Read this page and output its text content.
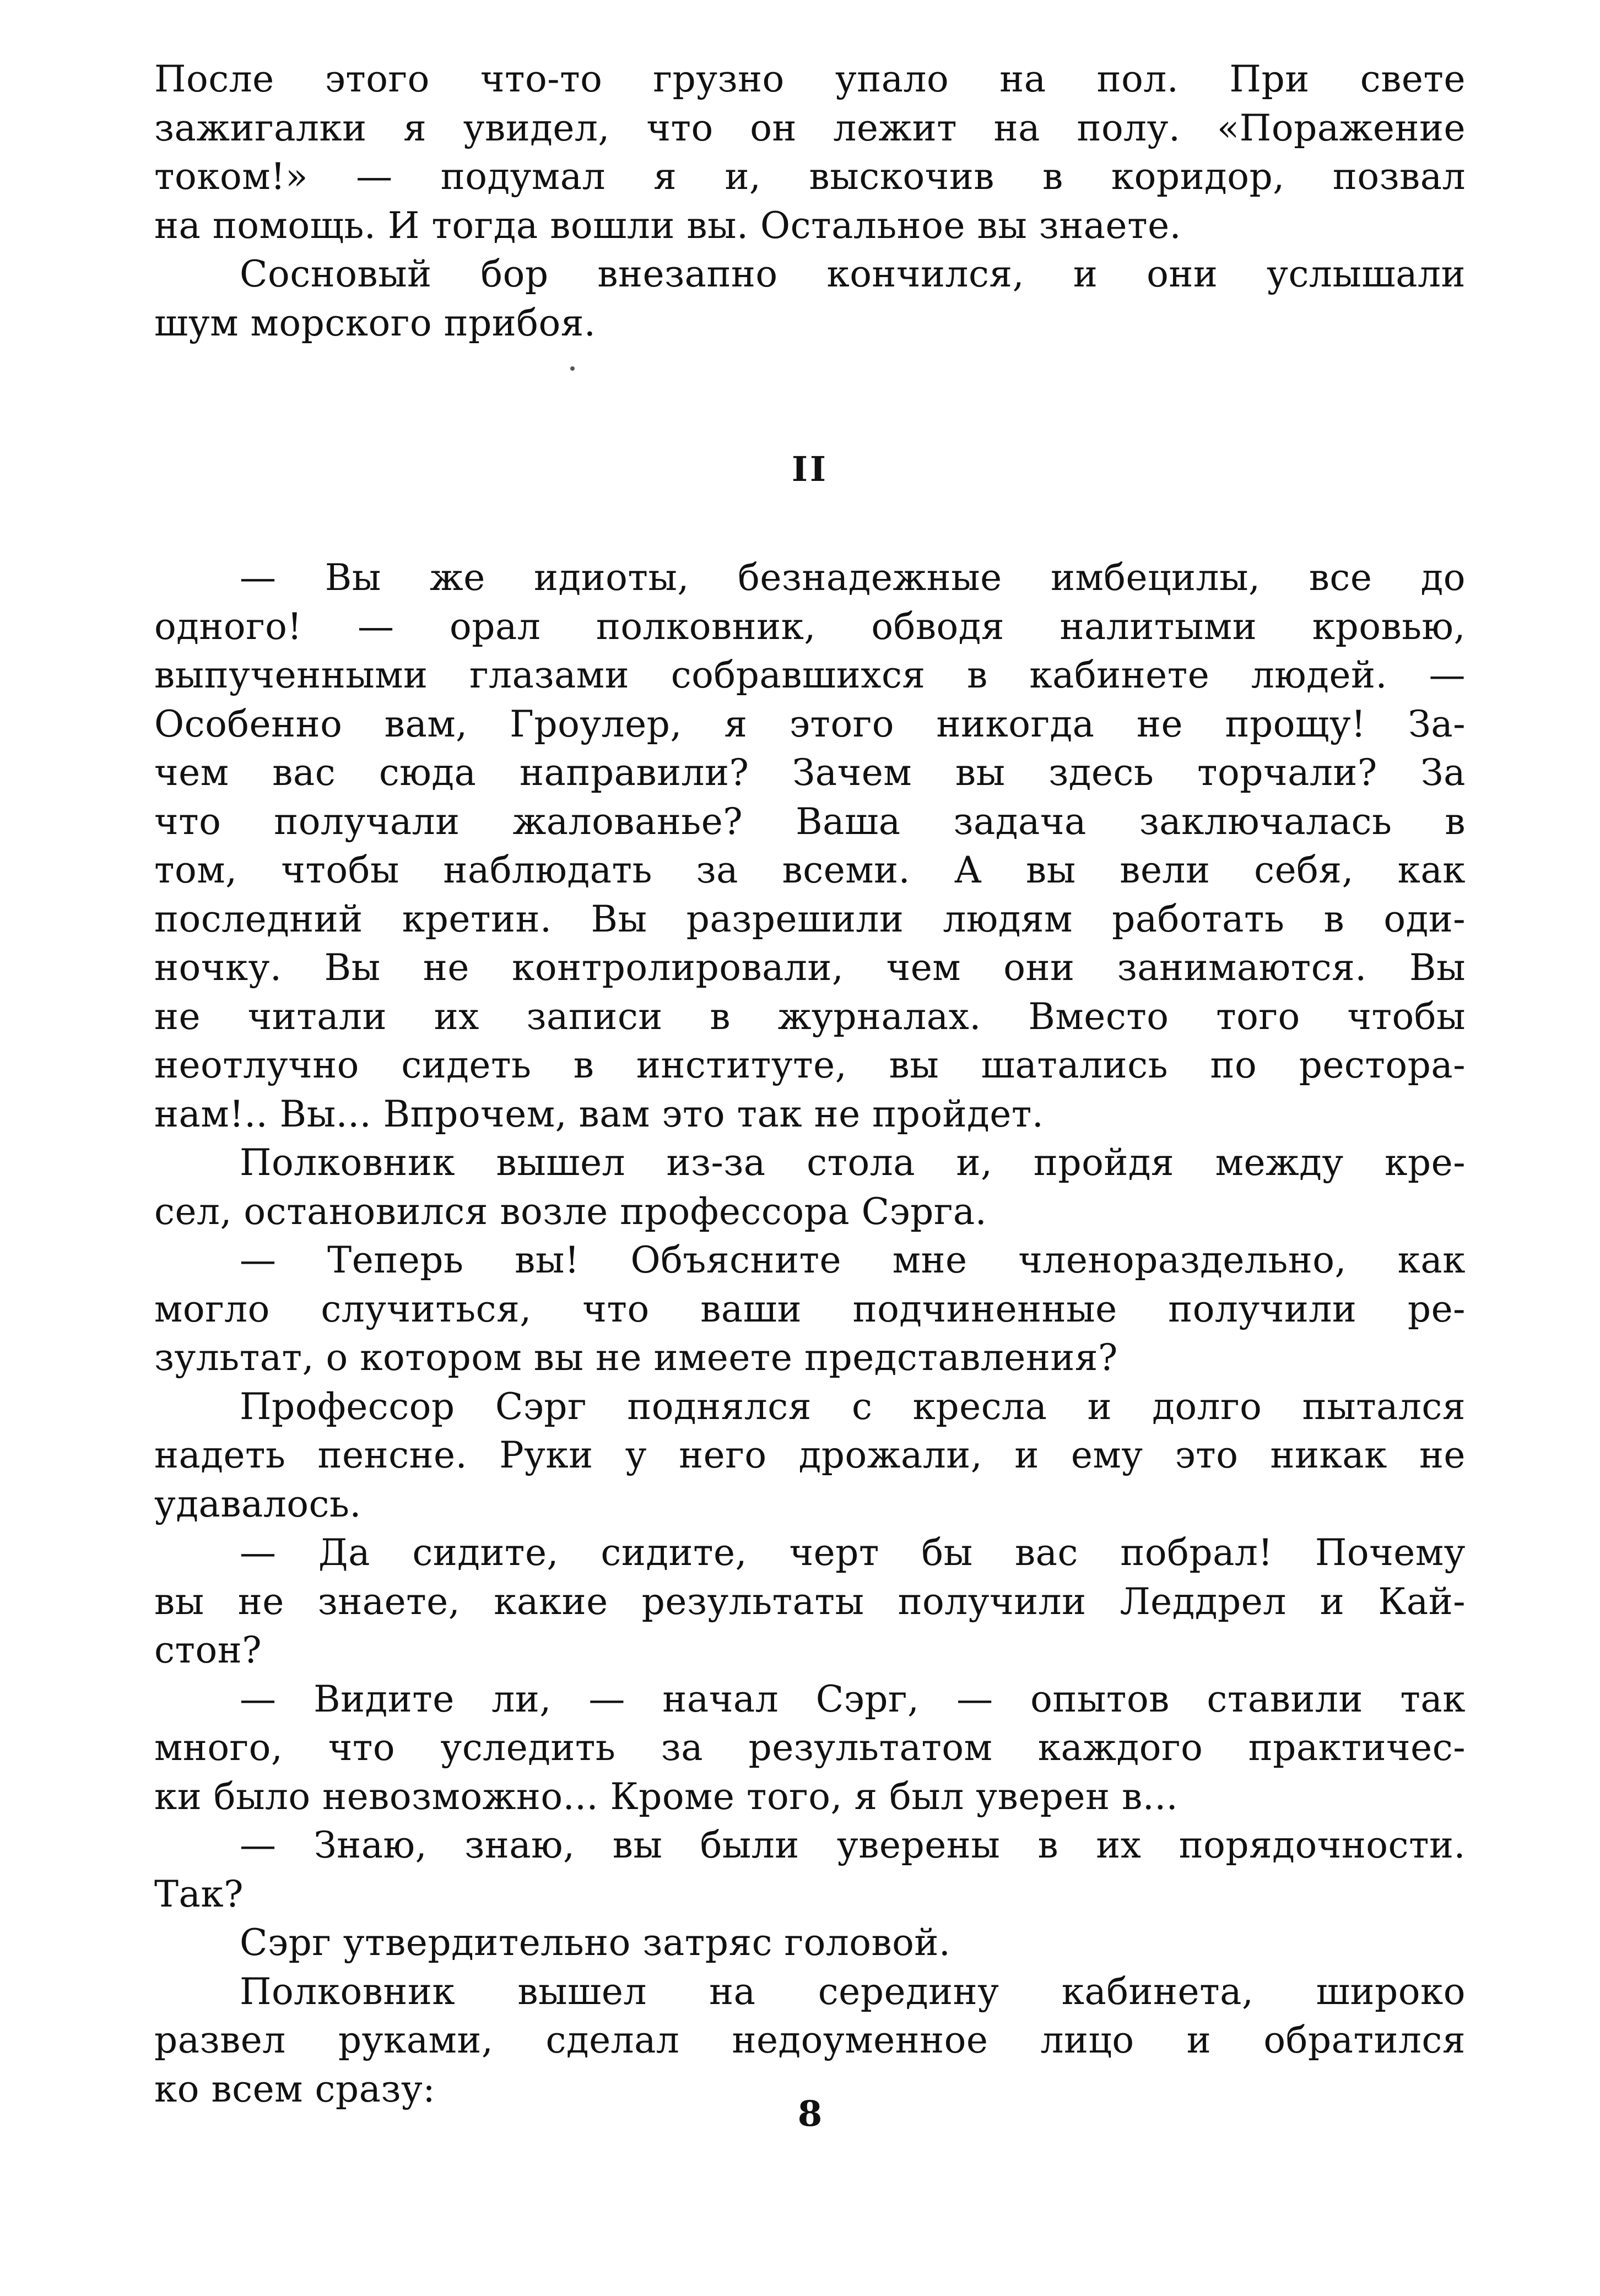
После этого что-то грузно упало на пол. При свете
зажигалки я увидел, что он лежит на полу. «Поражение
током!» — подумал я и, выскочив в коридор, позвал
на помощь. И тогда вошли вы. Остальное вы знаете.
Сосновый бор внезапно кончился, и они услышали
шум морского прибоя.
II
— Вы же идиоты, безнадежные имбецилы, все до
одного! — орал полковник, обводя налитыми кровью,
выпученными глазами собравшихся в кабинете людей. —
Особенно вам, Гроулер, я этого никогда не прощу! За-
чем вас сюда направили? Зачем вы здесь торчали? За
что получали жалованье? Ваша задача заключалась в
том, чтобы наблюдать за всеми. А вы вели себя, как
последний кретин. Вы разрешили людям работать в оди-
ночку. Вы не контролировали, чем они занимаются. Вы
не читали их записи в журналах. Вместо того чтобы
неотлучно сидеть в институте, вы шатались по рестора-
нам!.. Вы... Впрочем, вам это так не пройдет.
Полковник вышел из-за стола и, пройдя между кре-
сел, остановился возле профессора Сэрга.
— Теперь вы! Объясните мне членораздельно, как
могло случиться, что ваши подчиненные получили ре-
зультат, о котором вы не имеете представления?
Профессор Сэрг поднялся с кресла и долго пытался
надеть пенсне. Руки у него дрожали, и ему это никак не
удавалось.
— Да сидите, сидите, черт бы вас побрал! Почему
вы не знаете, какие результаты получили Леддрел и Кай-
стон?
— Видите ли, — начал Сэрг, — опытов ставили так
много, что уследить за результатом каждого практичес-
ки было невозможно... Кроме того, я был уверен в...
— Знаю, знаю, вы были уверены в их порядочности.
Так?
Сэрг утвердительно затряс головой.
Полковник вышел на середину кабинета, широко
развел руками, сделал недоуменное лицо и обратился
ко всем сразу:
8
